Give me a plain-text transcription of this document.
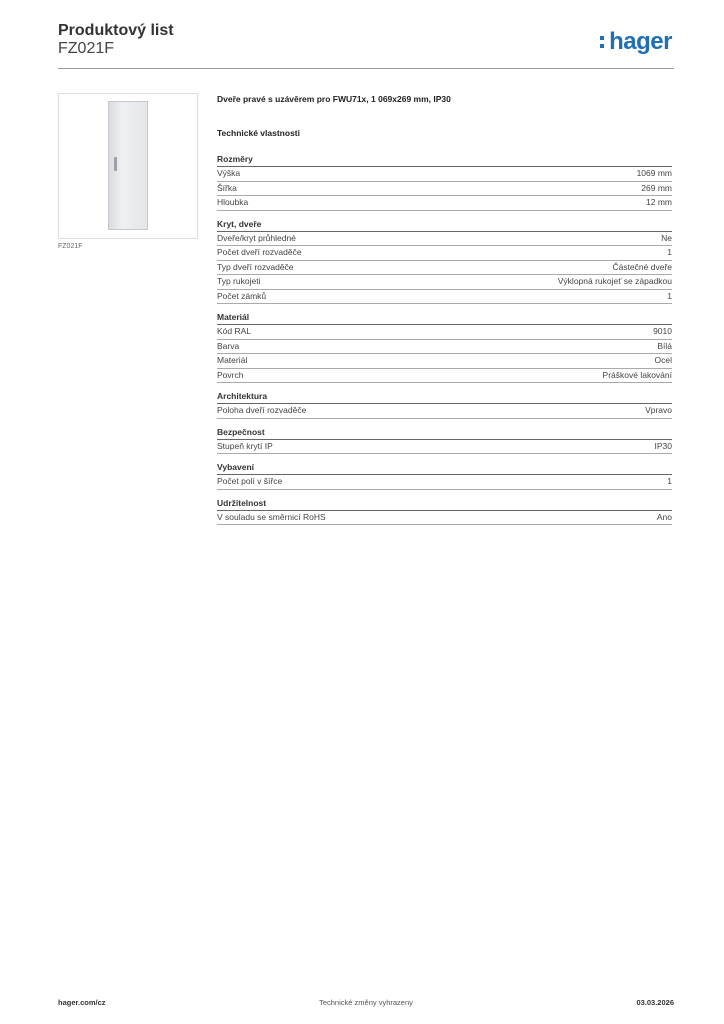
Produktový list
FZ021F	hager
FZ021F
Dveře pravé s uzávěrem pro FWU71x, 1 069x269 mm, IP30
Technické vlastnosti
Rozměry
Výška	1069 mm
Šířka	269 mm
Hloubka	12 mm
Kryt, dveře
Dveře/kryt průhledné	Ne
Počet dveří rozvaděče	1
Typ dveří rozvaděče	Částečné dveře
Typ rukojeti	Výklopná rukojeť se západkou
Počet zámků	1
Materiál
Kód RAL	9010
Barva	Bílá
Materiál	Ocel
Povrch	Práškové lakování
Architektura
Poloha dveří rozvaděče	Vpravo
Bezpečnost
Stupeň krytí IP	IP30
Vybavení
Počet polí v šířce	1
Udržitelnost
V souladu se směrnicí RoHS	Ano
hager.com/cz	Technické změny vyhrazeny	03.03.2026
